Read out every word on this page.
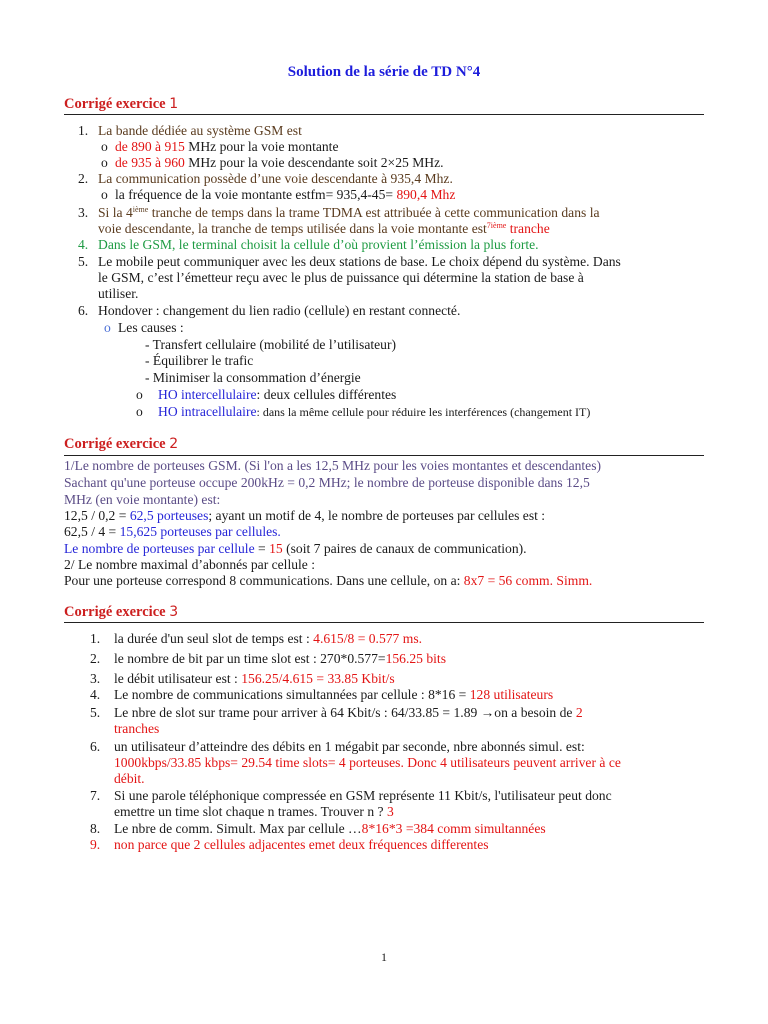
Solution de la série de TD N°4
Corrigé exercice 1
1. La bande dédiée au système GSM est
o de 890 à 915 MHz pour la voie montante
o de 935 à 960 MHz pour la voie descendante soit 2×25 MHz.
2. La communication possède d’une voie descendante à 935,4 Mhz.
o la fréquence de la voie montante estfm= 935,4-45= 890,4 Mhz
3. Si la 4ième tranche de temps dans la trame TDMA est attribuée à cette communication dans la
voie descendante, la tranche de temps utilisée dans la voie montante est$^{7ième}$ tranche
4. Dans le GSM, le terminal choisit la cellule d’où provient l’émission la plus forte.
5. Le mobile peut communiquer avec les deux stations de base. Le choix dépend du système. Dans
le GSM, c’est l’émetteur reçu avec le plus de puissance qui détermine la station de base à
utiliser.
6. Hondover : changement du lien radio (cellule) en restant connecté.
o Les causes :
- Transfert cellulaire (mobilité de l’utilisateur)
- Équilibrer le trafic
- Minimiser la consommation d’énergie
o HO intercellulaire: deux cellules différentes
o HO intracellulaire: dans la même cellule pour réduire les interférences (changement IT)
Corrigé exercice 2
1/Le nombre de porteuses GSM. (Si l'on a les 12,5 MHz pour les voies montantes et descendantes)
Sachant qu'une porteuse occupe 200kHz = 0,2 MHz; le nombre de porteuse disponible dans 12,5
MHz (en voie montante) est:
12,5 / 0,2 = 62,5 porteuses; ayant un motif de 4, le nombre de porteuses par cellules est :
62,5 / 4 = 15,625 porteuses par cellules.
Le nombre de porteuses par cellule = 15 (soit 7 paires de canaux de communication).
2/ Le nombre maximal d’abonnés par cellule :
Pour une porteuse correspond 8 communications. Dans une cellule, on a: 8x7 = 56 comm. Simm.
Corrigé exercice 3
1. la durée d'un seul slot de temps est : 4.615/8 = 0.577 ms.
2. le nombre de bit par un time slot est : 270*0.577=156.25 bits
3. le débit utilisateur est : 156.25/4.615 = 33.85 Kbit/s
4. Le nombre de communications simultannées par cellule : 8*16 = 128 utilisateurs
5. Le nbre de slot sur trame pour arriver à 64 Kbit/s : 64/33.85 = 1.89 →on a besoin de 2
tranches
6. un utilisateur d’atteindre des débits en 1 mégabit par seconde, nbre abonnés simul. est:
1000kbps/33.85 kbps= 29.54 time slots= 4 porteuses. Donc 4 utilisateurs peuvent arriver à ce
débit.
7. Si une parole téléphonique compressée en GSM représente 11 Kbit/s, l'utilisateur peut donc
emettre un time slot chaque n trames. Trouver n ? 3
8. Le nbre de comm. Simult. Max par cellule …8*16*3 =384 comm simultannées
9. non parce que 2 cellules adjacentes emet deux fréquences differentes
1
